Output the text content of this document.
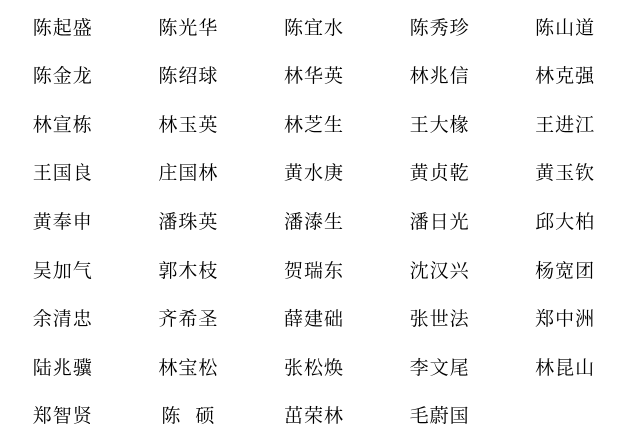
陈起盛	陈光华	陈宜水	陈秀珍	陈山道
陈金龙	陈绍球	林华英	林兆信	林克强
林宣栋	林玉英	林芝生	王大椽	王进江
王国良	庄国林	黄水庚	黄贞乾	黄玉钦
黄奉申	潘珠英	潘溙生	潘日光	邱大柏
吴加气	郭木枝	贺瑞东	沈汉兴	杨宽团
余清忠	齐希圣	薛建础	张世法	郑中洲
陆兆骥	林宝松	张松焕	李文尾	林昆山
郑智贤	陈  硕	茁荣林	毛蔚国
